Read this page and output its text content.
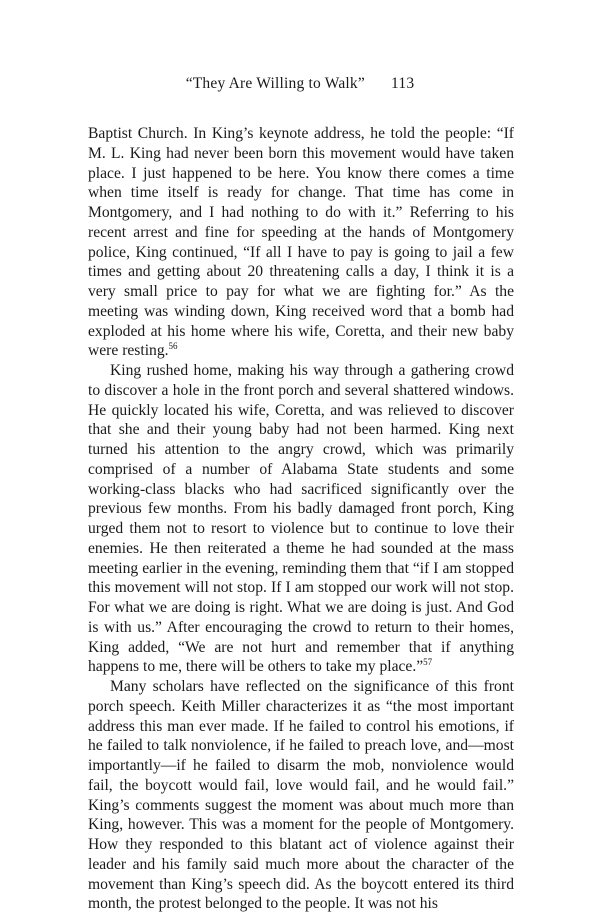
“They Are Willing to Walk” 113

Baptist Church. In King’s keynote address, he told the people: “If M. L. King had never been born this movement would have taken place. I just happened to be here. You know there comes a time when time itself is ready for change. That time has come in Montgomery, and I had nothing to do with it.” Referring to his recent arrest and fine for speeding at the hands of Montgomery police, King continued, “If all I have to pay is going to jail a few times and getting about 20 threatening calls a day, I think it is a very small price to pay for what we are fighting for.” As the meeting was winding down, King received word that a bomb had exploded at his home where his wife, Coretta, and their new baby were resting.$^{56}$

King rushed home, making his way through a gathering crowd to discover a hole in the front porch and several shattered windows. He quickly located his wife, Coretta, and was relieved to discover that she and their young baby had not been harmed. King next turned his attention to the angry crowd, which was primarily comprised of a number of Alabama State students and some working-class blacks who had sacrificed significantly over the previous few months. From his badly damaged front porch, King urged them not to resort to violence but to continue to love their enemies. He then reiterated a theme he had sounded at the mass meeting earlier in the evening, reminding them that “if I am stopped this movement will not stop. If I am stopped our work will not stop. For what we are doing is right. What we are doing is just. And God is with us.” After encouraging the crowd to return to their homes, King added, “We are not hurt and remember that if anything happens to me, there will be others to take my place.”$^{57}$

Many scholars have reflected on the significance of this front porch speech. Keith Miller characterizes it as “the most important address this man ever made. If he failed to control his emotions, if he failed to talk nonviolence, if he failed to preach love, and—most importantly—if he failed to disarm the mob, nonviolence would fail, the boycott would fail, love would fail, and he would fail.” King’s comments suggest the moment was about much more than King, however. This was a moment for the people of Montgomery. How they responded to this blatant act of violence against their leader and his family said much more about the character of the movement than King’s speech did. As the boycott entered its third month, the protest belonged to the people. It was not his
